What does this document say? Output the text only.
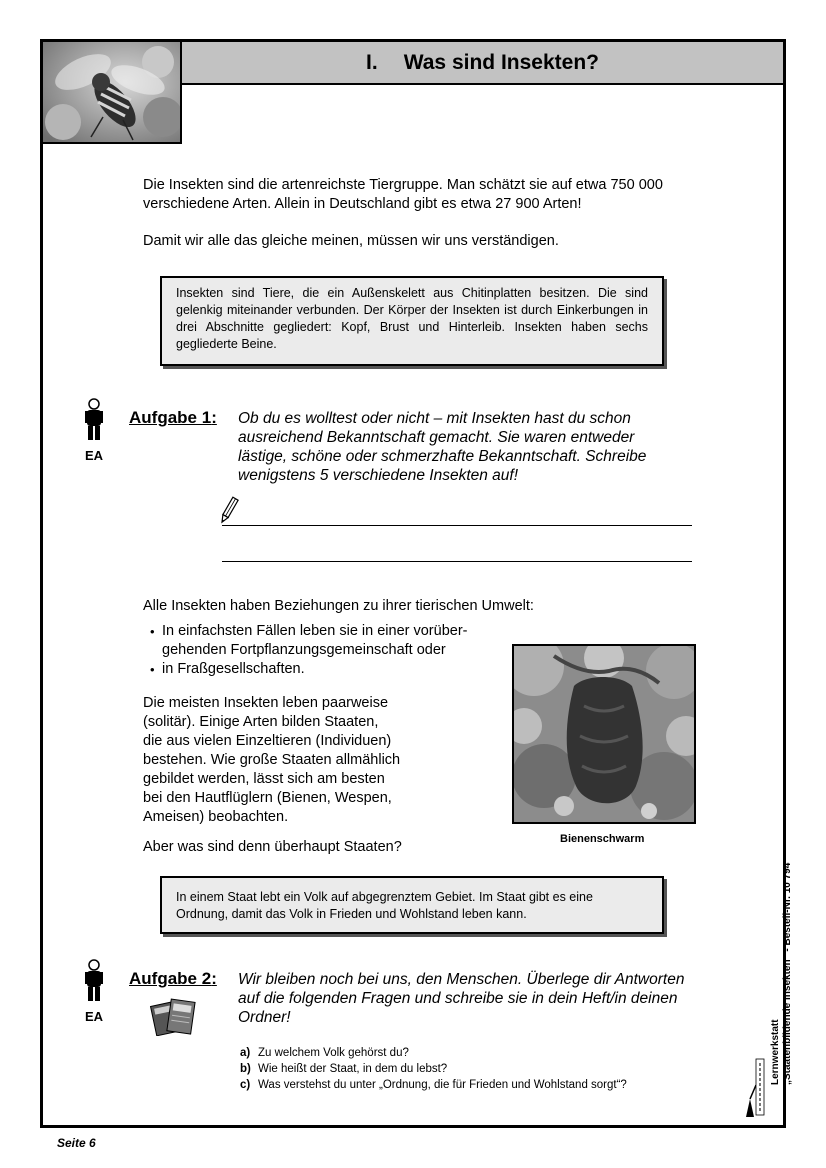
I. Was sind Insekten?
Die Insekten sind die artenreichste Tiergruppe. Man schätzt sie auf etwa 750 000
verschiedene Arten. Allein in Deutschland gibt es etwa 27 900 Arten!
Damit wir alle das gleiche meinen, müssen wir uns verständigen.
Insekten sind Tiere, die ein Außenskelett aus Chitinplatten besitzen. Die sind gelenkig miteinander verbunden. Der Körper der Insekten ist durch Einkerbungen in drei Abschnitte gegliedert: Kopf, Brust und Hinterleib. Insekten haben sechs gegliederte Beine.
EA
Aufgabe 1: Ob du es wolltest oder nicht – mit Insekten hast du schon
ausreichend Bekanntschaft gemacht. Sie waren entweder
lästige, schöne oder schmerzhafte Bekanntschaft. Schreibe
wenigstens 5 verschiedene Insekten auf!
Alle Insekten haben Beziehungen zu ihrer tierischen Umwelt:
• In einfachsten Fällen leben sie in einer vorüber-
gehenden Fortpflanzungsgemeinschaft oder
• in Fraßgesellschaften.
Die meisten Insekten leben paarweise
(solitär). Einige Arten bilden Staaten,
die aus vielen Einzeltieren (Individuen)
bestehen. Wie große Staaten allmählich
gebildet werden, lässt sich am besten
bei den Hautflüglern (Bienen, Wespen,
Ameisen) beobachten.
Aber was sind denn überhaupt Staaten?	Bienenschwarm
In einem Staat lebt ein Volk auf abgegrenztem Gebiet. Im Staat gibt es eine
Ordnung, damit das Volk in Frieden und Wohlstand leben kann.
EA
Aufgabe 2: Wir bleiben noch bei uns, den Menschen. Überlege dir Antworten
auf die folgenden Fragen und schreibe sie in dein Heft/in deinen
Ordner!
a) Zu welchem Volk gehörst du?
b) Wie heißt der Staat, in dem du lebst?
c) Was verstehst du unter „Ordnung, die für Frieden und Wohlstand sorgt“?	Lernwerkstatt „Staatenbildende Insekten“ - Bestell-Nr. 10 794
Seite 6
